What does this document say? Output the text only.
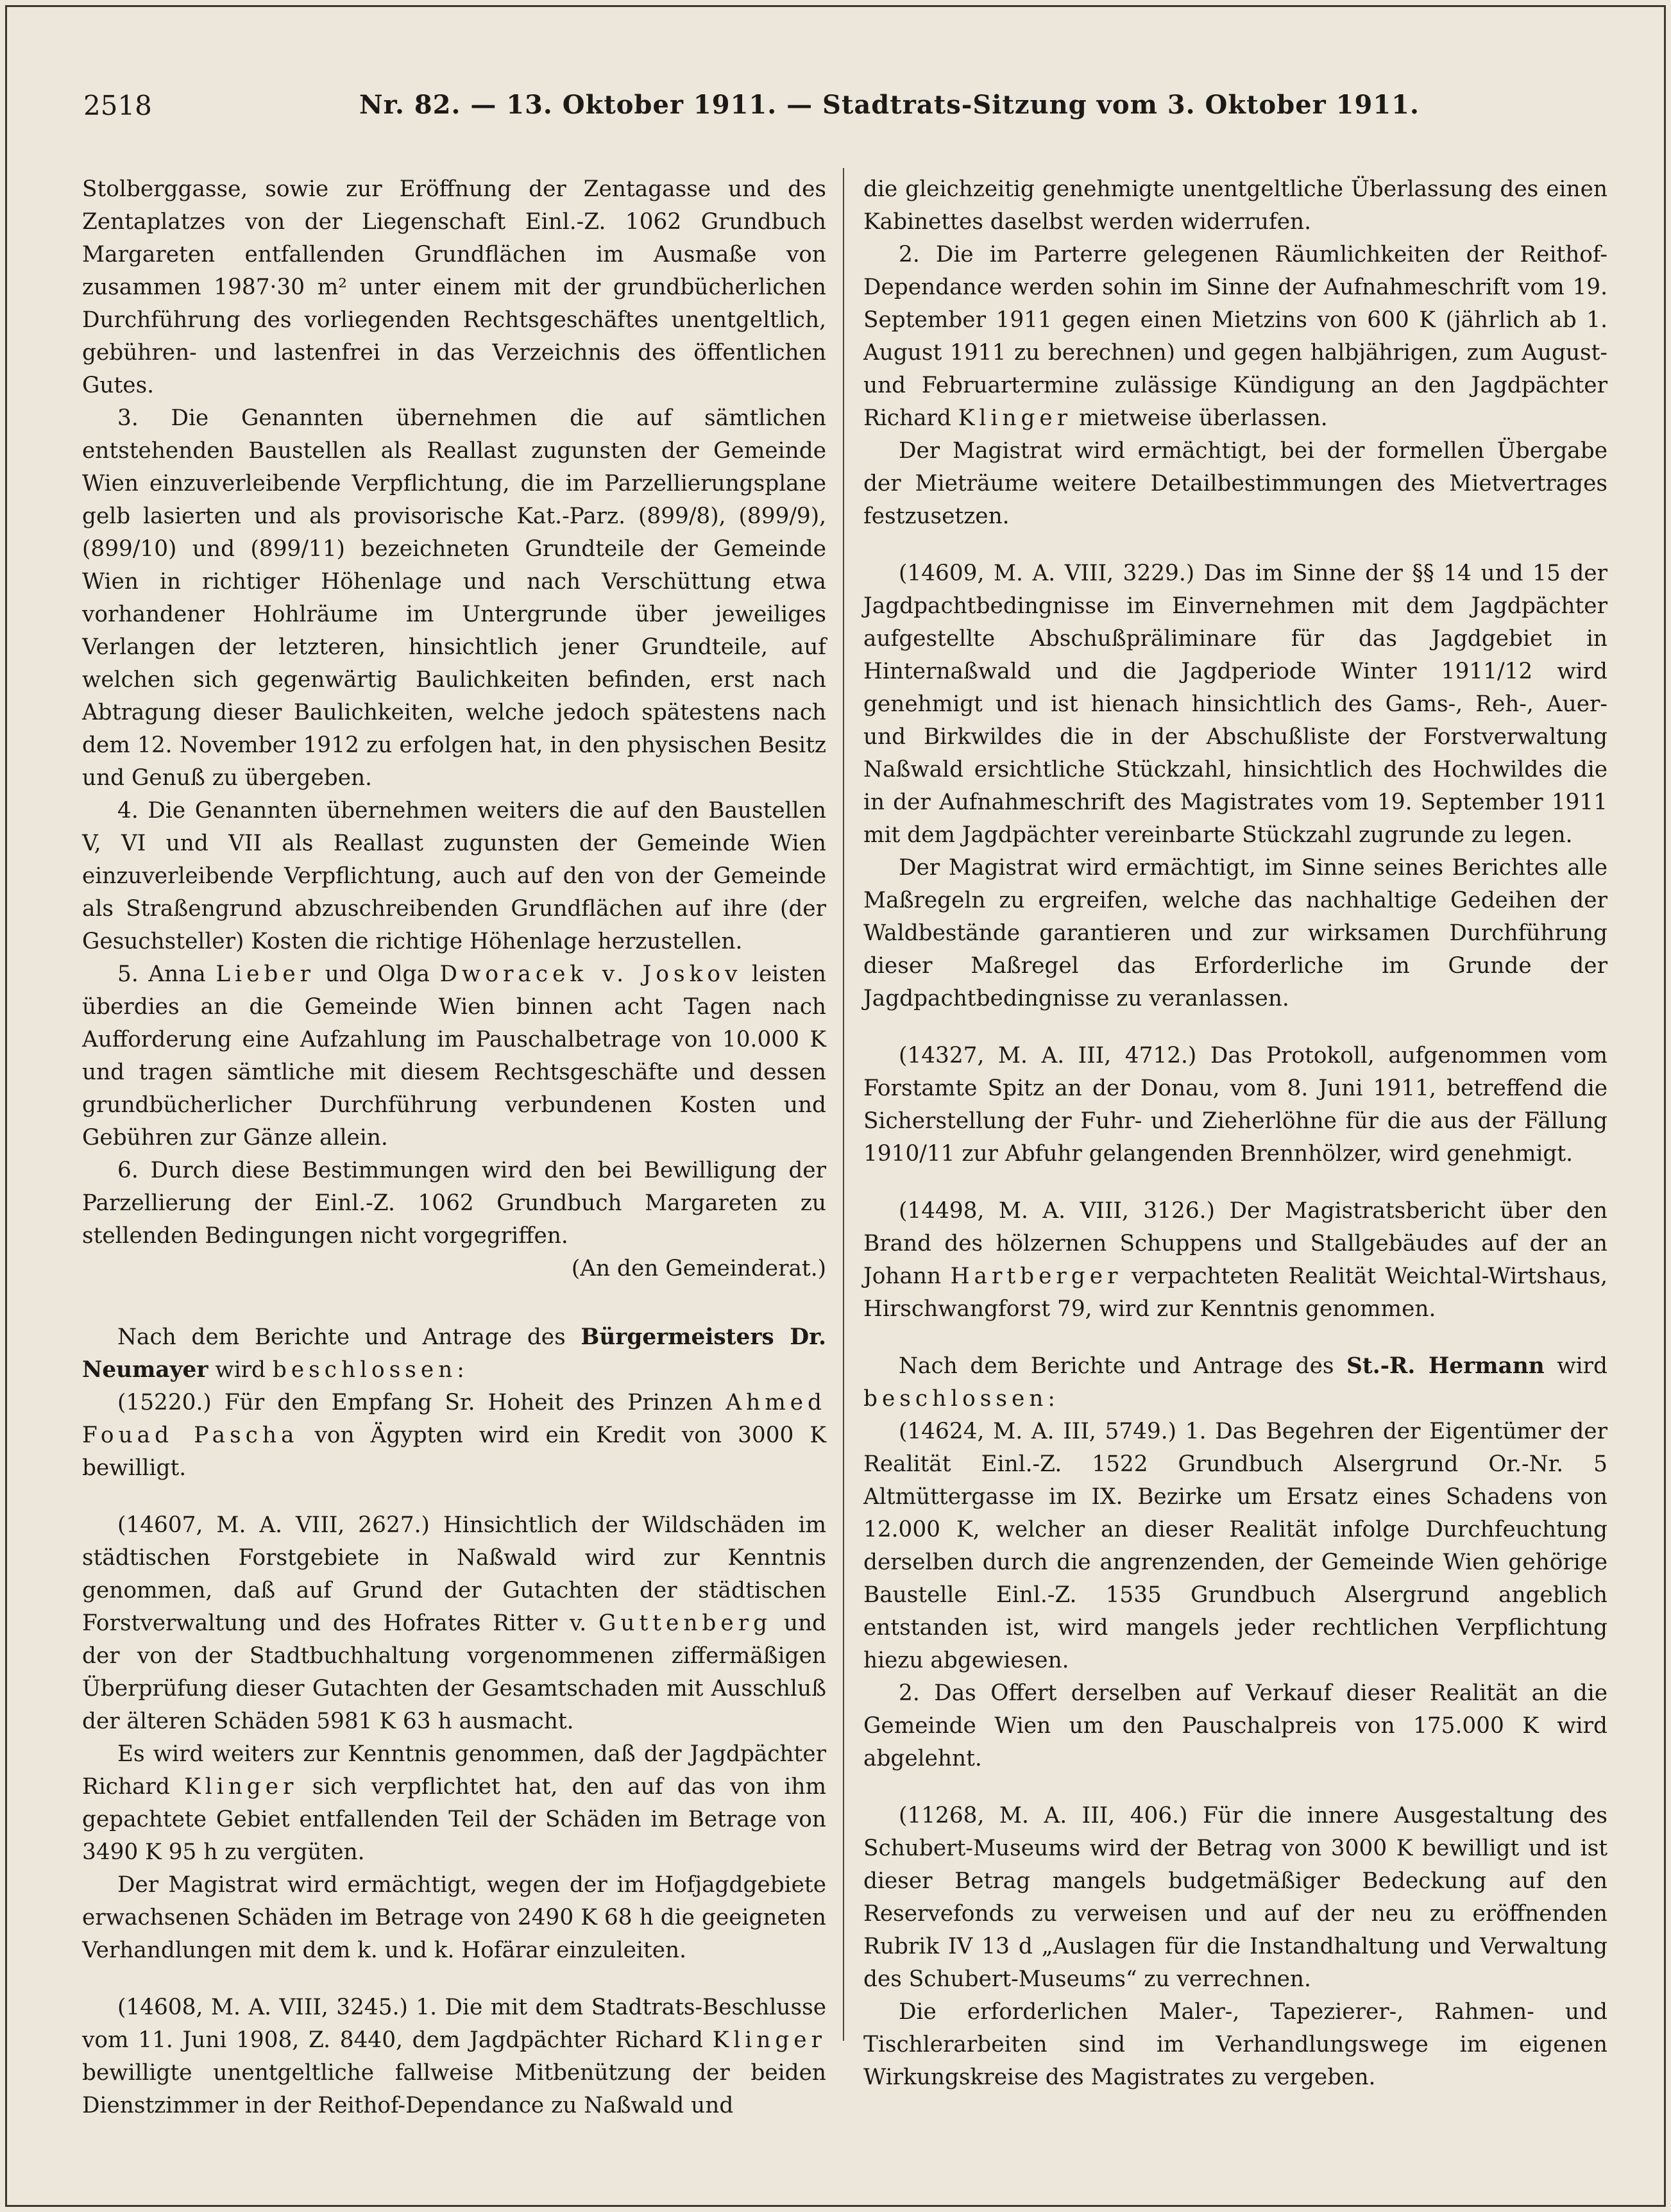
2518	Nr. 82. — 13. Oktober 1911. — Stadtrats-Sitzung vom 3. Oktober 1911.

Stolberggasse, sowie zur Eröffnung der Zentagasse und des Zentaplatzes von der Liegenschaft Einl.-Z. 1062 Grundbuch Margareten entfallenden Grundflächen im Ausmaße von zusammen 1987·30 m² unter einem mit der grundbücherlichen Durchführung des vorliegenden Rechtsgeschäftes unentgeltlich, gebühren- und lastenfrei in das Verzeichnis des öffentlichen Gutes.

3. Die Genannten übernehmen die auf sämtlichen entstehenden Baustellen als Reallast zugunsten der Gemeinde Wien einzuverleibende Verpflichtung, die im Parzellierungsplane gelb lasierten und als provisorische Kat.-Parz. (899/8), (899/9), (899/10) und (899/11) bezeichneten Grundteile der Gemeinde Wien in richtiger Höhenlage und nach Verschüttung etwa vorhandener Hohlräume im Untergrunde über jeweiliges Verlangen der letzteren, hinsichtlich jener Grundteile, auf welchen sich gegenwärtig Baulichkeiten befinden, erst nach Abtragung dieser Baulichkeiten, welche jedoch spätestens nach dem 12. November 1912 zu erfolgen hat, in den physischen Besitz und Genuß zu übergeben.

4. Die Genannten übernehmen weiters die auf den Baustellen V, VI und VII als Reallast zugunsten der Gemeinde Wien einzuverleibende Verpflichtung, auch auf den von der Gemeinde als Straßengrund abzuschreibenden Grundflächen auf ihre (der Gesuchsteller) Kosten die richtige Höhenlage herzustellen.

5. Anna Lieber und Olga Dworacek v. Joskov leisten überdies an die Gemeinde Wien binnen acht Tagen nach Aufforderung eine Aufzahlung im Pauschalbetrage von 10.000 K und tragen sämtliche mit diesem Rechtsgeschäfte und dessen grundbücherlicher Durchführung verbundenen Kosten und Gebühren zur Gänze allein.

6. Durch diese Bestimmungen wird den bei Bewilligung der Parzellierung der Einl.-Z. 1062 Grundbuch Margareten zu stellenden Bedingungen nicht vorgegriffen.

(An den Gemeinderat.)

Nach dem Berichte und Antrage des Bürgermeisters Dr. Neumayer wird beschlossen:

(15220.) Für den Empfang Sr. Hoheit des Prinzen Ahmed Fouad Pascha von Ägypten wird ein Kredit von 3000 K bewilligt.

(14607, M. A. VIII, 2627.) Hinsichtlich der Wildschäden im städtischen Forstgebiete in Naßwald wird zur Kenntnis genommen, daß auf Grund der Gutachten der städtischen Forstverwaltung und des Hofrates Ritter v. Guttenberg und der von der Stadtbuchhaltung vorgenommenen ziffermäßigen Überprüfung dieser Gutachten der Gesamtschaden mit Ausschluß der älteren Schäden 5981 K 63 h ausmacht.

Es wird weiters zur Kenntnis genommen, daß der Jagdpächter Richard Klinger sich verpflichtet hat, den auf das von ihm gepachtete Gebiet entfallenden Teil der Schäden im Betrage von 3490 K 95 h zu vergüten.

Der Magistrat wird ermächtigt, wegen der im Hofjagdgebiete erwachsenen Schäden im Betrage von 2490 K 68 h die geeigneten Verhandlungen mit dem k. und k. Hofärar einzuleiten.

(14608, M. A. VIII, 3245.) 1. Die mit dem Stadtrats-Beschlusse vom 11. Juni 1908, Z. 8440, dem Jagdpächter Richard Klinger bewilligte unentgeltliche fallweise Mitbenützung der beiden Dienstzimmer in der Reithof-Dependance zu Naßwald und

die gleichzeitig genehmigte unentgeltliche Überlassung des einen Kabinettes daselbst werden widerrufen.

2. Die im Parterre gelegenen Räumlichkeiten der Reithof-Dependance werden sohin im Sinne der Aufnahmeschrift vom 19. September 1911 gegen einen Mietzins von 600 K (jährlich ab 1. August 1911 zu berechnen) und gegen halbjährigen, zum August- und Februartermine zulässige Kündigung an den Jagdpächter Richard Klinger mietweise überlassen.

Der Magistrat wird ermächtigt, bei der formellen Übergabe der Mieträume weitere Detailbestimmungen des Mietvertrages festzusetzen.

(14609, M. A. VIII, 3229.) Das im Sinne der §§ 14 und 15 der Jagdpachtbedingnisse im Einvernehmen mit dem Jagdpächter aufgestellte Abschußpräliminare für das Jagdgebiet in Hinternaßwald und die Jagdperiode Winter 1911/12 wird genehmigt und ist hienach hinsichtlich des Gams-, Reh-, Auer- und Birkwildes die in der Abschußliste der Forstverwaltung Naßwald ersichtliche Stückzahl, hinsichtlich des Hochwildes die in der Aufnahmeschrift des Magistrates vom 19. September 1911 mit dem Jagdpächter vereinbarte Stückzahl zugrunde zu legen.

Der Magistrat wird ermächtigt, im Sinne seines Berichtes alle Maßregeln zu ergreifen, welche das nachhaltige Gedeihen der Waldbestände garantieren und zur wirksamen Durchführung dieser Maßregel das Erforderliche im Grunde der Jagdpachtbedingnisse zu veranlassen.

(14327, M. A. III, 4712.) Das Protokoll, aufgenommen vom Forstamte Spitz an der Donau, vom 8. Juni 1911, betreffend die Sicherstellung der Fuhr- und Zieherlöhne für die aus der Fällung 1910/11 zur Abfuhr gelangenden Brennhölzer, wird genehmigt.

(14498, M. A. VIII, 3126.) Der Magistratsbericht über den Brand des hölzernen Schuppens und Stallgebäudes auf der an Johann Hartberger verpachteten Realität Weichtal-Wirtshaus, Hirschwangforst 79, wird zur Kenntnis genommen.

Nach dem Berichte und Antrage des St.-R. Hermann wird beschlossen:

(14624, M. A. III, 5749.) 1. Das Begehren der Eigentümer der Realität Einl.-Z. 1522 Grundbuch Alsergrund Or.-Nr. 5 Altmüttergasse im IX. Bezirke um Ersatz eines Schadens von 12.000 K, welcher an dieser Realität infolge Durchfeuchtung derselben durch die angrenzenden, der Gemeinde Wien gehörige Baustelle Einl.-Z. 1535 Grundbuch Alsergrund angeblich entstanden ist, wird mangels jeder rechtlichen Verpflichtung hiezu abgewiesen.

2. Das Offert derselben auf Verkauf dieser Realität an die Gemeinde Wien um den Pauschalpreis von 175.000 K wird abgelehnt.

(11268, M. A. III, 406.) Für die innere Ausgestaltung des Schubert-Museums wird der Betrag von 3000 K bewilligt und ist dieser Betrag mangels budgetmäßiger Bedeckung auf den Reservefonds zu verweisen und auf der neu zu eröffnenden Rubrik IV 13 d „Auslagen für die Instandhaltung und Verwaltung des Schubert-Museums“ zu verrechnen.

Die erforderlichen Maler-, Tapezierer-, Rahmen- und Tischlerarbeiten sind im Verhandlungswege im eigenen Wirkungskreise des Magistrates zu vergeben.
